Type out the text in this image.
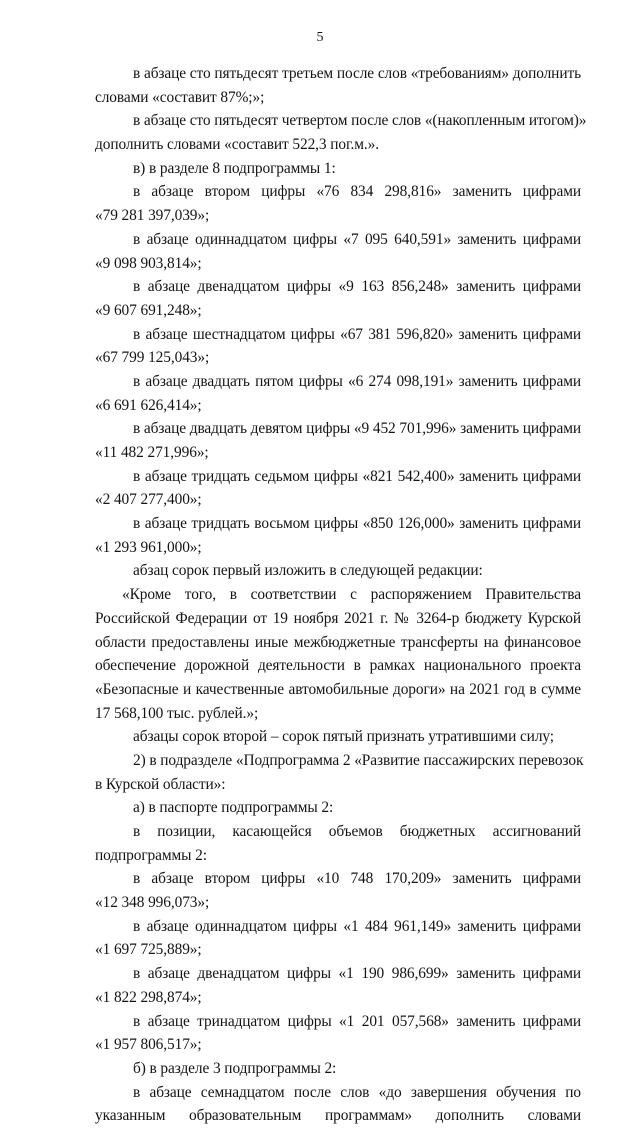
5
в абзаце сто пятьдесят третьем после слов «требованиям» дополнить
словами «составит 87%;»;
в абзаце сто пятьдесят четвертом после слов «(накопленным итогом)»
дополнить словами «составит 522,3 пог.м.».
в) в разделе 8 подпрограммы 1:
в абзаце втором цифры «76 834 298,816» заменить цифрами
«79 281 397,039»;
в абзаце одиннадцатом цифры «7 095 640,591» заменить цифрами
«9 098 903,814»;
в абзаце двенадцатом цифры «9 163 856,248» заменить цифрами
«9 607 691,248»;
в абзаце шестнадцатом цифры «67 381 596,820» заменить цифрами
«67 799 125,043»;
в абзаце двадцать пятом цифры «6 274 098,191» заменить цифрами
«6 691 626,414»;
в абзаце двадцать девятом цифры «9 452 701,996» заменить цифрами
«11 482 271,996»;
в абзаце тридцать седьмом цифры «821 542,400» заменить цифрами
«2 407 277,400»;
в абзаце тридцать восьмом цифры «850 126,000» заменить цифрами
«1 293 961,000»;
абзац сорок первый изложить в следующей редакции:
«Кроме того, в соответствии с распоряжением Правительства
Российской Федерации от 19 ноября 2021 г. № 3264-р бюджету Курской
области предоставлены иные межбюджетные трансферты на финансовое
обеспечение дорожной деятельности в рамках национального проекта
«Безопасные и качественные автомобильные дороги» на 2021 год в сумме
17 568,100 тыс. рублей.»;
абзацы сорок второй – сорок пятый признать утратившими силу;
2) в подразделе «Подпрограмма 2 «Развитие пассажирских перевозок
в Курской области»:
а) в паспорте подпрограммы 2:
в позиции, касающейся объемов бюджетных ассигнований
подпрограммы 2:
в абзаце втором цифры «10 748 170,209» заменить цифрами
«12 348 996,073»;
в абзаце одиннадцатом цифры «1 484 961,149» заменить цифрами
«1 697 725,889»;
в абзаце двенадцатом цифры «1 190 986,699» заменить цифрами
«1 822 298,874»;
в абзаце тринадцатом цифры «1 201 057,568» заменить цифрами
«1 957 806,517»;
б) в разделе 3 подпрограммы 2:
в абзаце семнадцатом после слов «до завершения обучения по
указанным образовательным программам» дополнить словами
